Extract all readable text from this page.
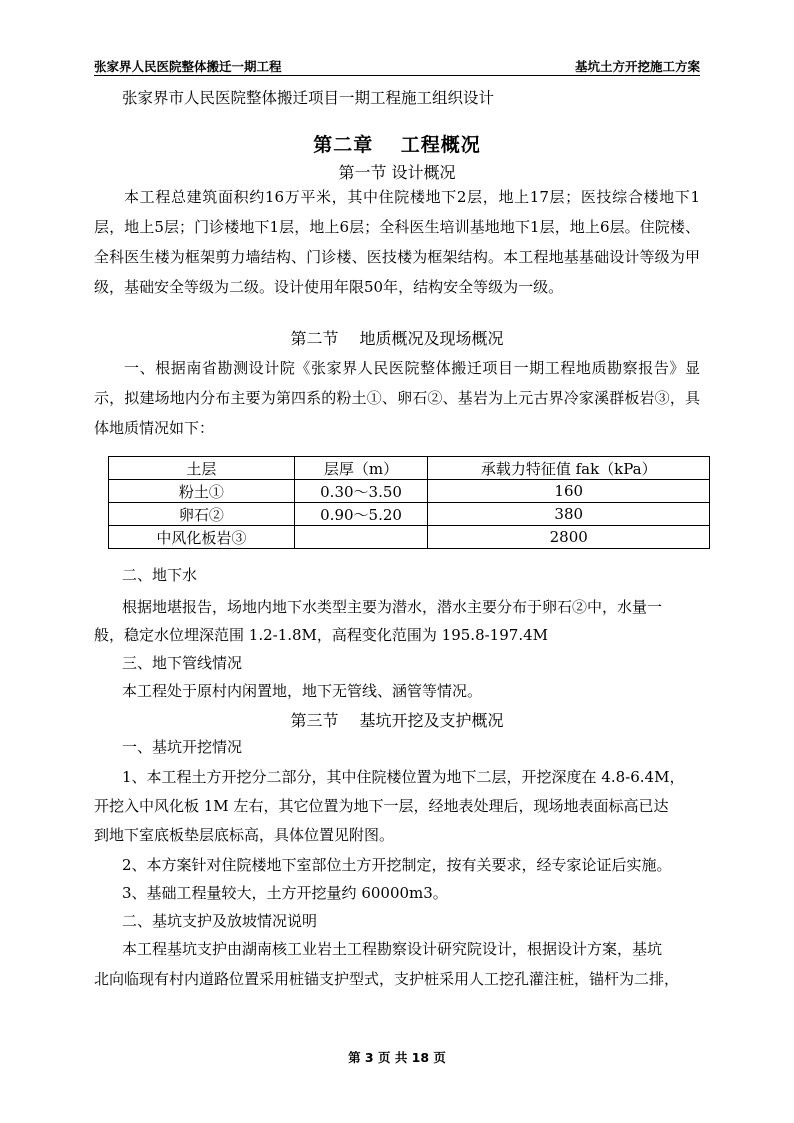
张家界人民医院整体搬迁一期工程	基坑土方开挖施工方案
张家界市人民医院整体搬迁项目一期工程施工组织设计
第二章　 工程概况
第一节 设计概况
本工程总建筑面积约16万平米，其中住院楼地下2层，地上17层；医技综合楼地下1层，地上5层；门诊楼地下1层，地上6层；全科医生培训基地地下1层，地上6层。住院楼、全科医生楼为框架剪力墙结构、门诊楼、医技楼为框架结构。本工程地基基础设计等级为甲级，基础安全等级为二级。设计使用年限50年，结构安全等级为一级。
第二节　 地质概况及现场概况
一、根据南省勘测设计院《张家界人民医院整体搬迁项目一期工程地质勘察报告》显示，拟建场地内分布主要为第四系的粉土①、卵石②、基岩为上元古界冷家溪群板岩③，具体地质情况如下：
土层	层厚（m）	承载力特征值 fak（kPa）
粉土①	0.30～3.50	160
卵石②	0.90～5.20	380
中风化板岩③		2800
二、地下水
根据地堪报告，场地内地下水类型主要为潜水，潜水主要分布于卵石②中，水量一
般，稳定水位埋深范围 1.2-1.8M，高程变化范围为 195.8-197.4M
三、地下管线情况
本工程处于原村内闲置地，地下无管线、涵管等情况。
第三节　 基坑开挖及支护概况
一、基坑开挖情况
1、本工程土方开挖分二部分，其中住院楼位置为地下二层，开挖深度在 4.8-6.4M，
开挖入中风化板 1M 左右，其它位置为地下一层，经地表处理后，现场地表面标高已达
到地下室底板垫层底标高，具体位置见附图。
2、本方案针对住院楼地下室部位土方开挖制定，按有关要求，经专家论证后实施。
3、基础工程量较大，土方开挖量约 60000m3。
二、基坑支护及放坡情况说明
本工程基坑支护由湖南核工业岩土工程勘察设计研究院设计，根据设计方案，基坑
北向临现有村内道路位置采用桩锚支护型式，支护桩采用人工挖孔灌注桩，锚杆为二排，
第 3 页 共 18 页
